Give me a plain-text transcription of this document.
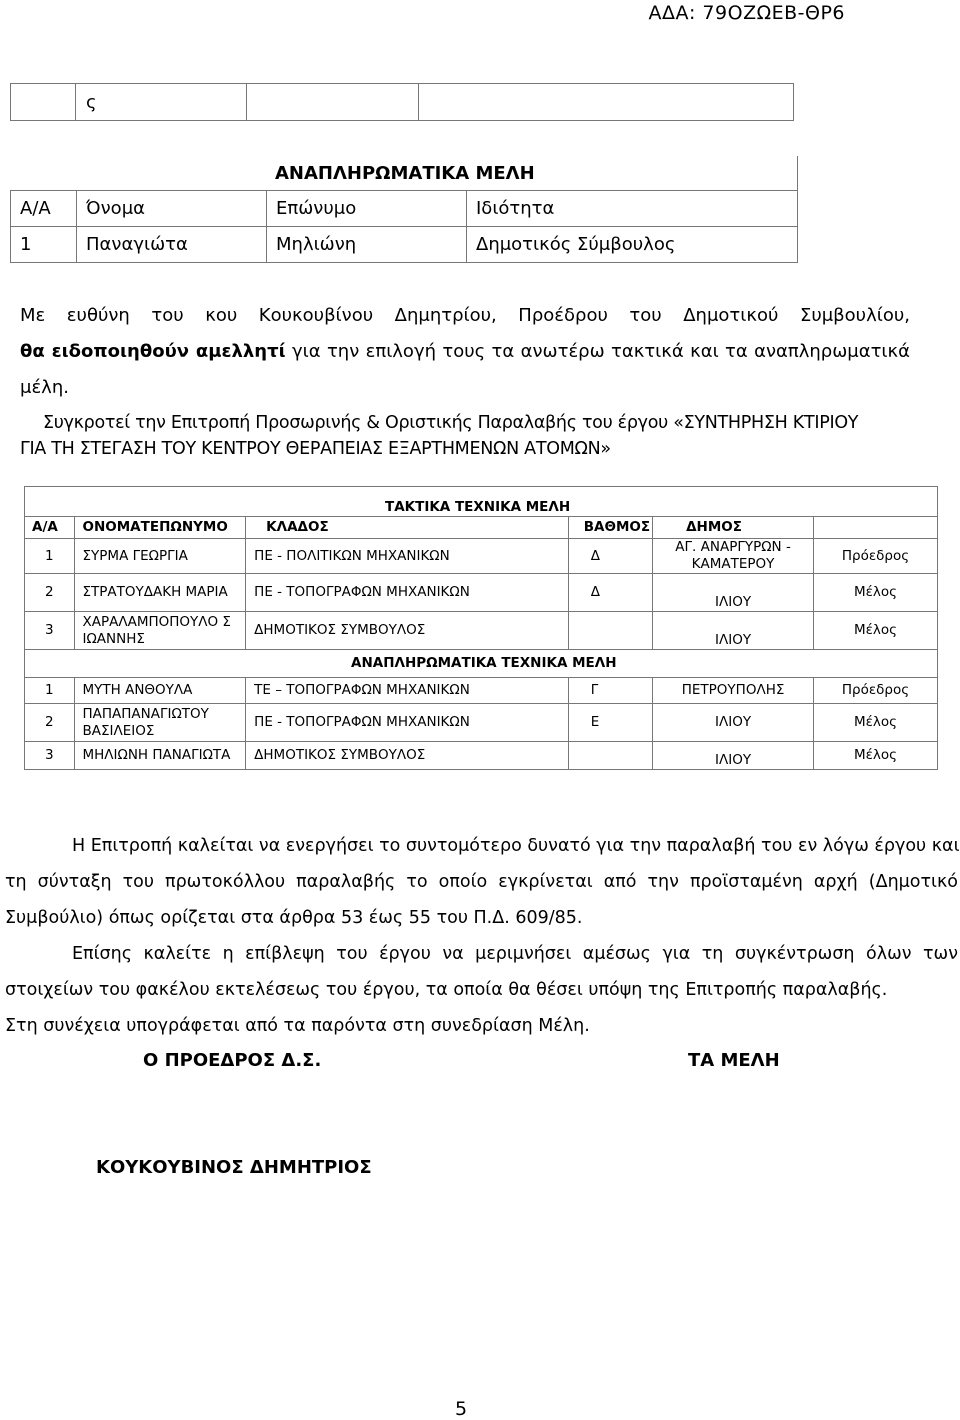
ΑΔΑ: 79ΟΖΩΕΒ-ΘΡ6
	ς		
ΑΝΑΠΛΗΡΩΜΑΤΙΚΑ ΜΕΛΗ			
Α/Α	Όνομα	Επώνυμο	Ιδιότητα
1	Παναγιώτα	Μηλιώνη	Δημοτικός Σύμβουλος
Με ευθύνη του κου Κουκουβίνου Δημητρίου, Προέδρου του Δημοτικού Συμβουλίου,
θα ειδοποιηθούν αμελλητί για την επιλογή τους τα ανωτέρω τακτικά και τα αναπληρωματικά
μέλη.
Συγκροτεί την Επιτροπή Προσωρινής & Οριστικής Παραλαβής του έργου «ΣΥΝΤΗΡΗΣΗ ΚΤΙΡΙΟΥ
ΓΙΑ ΤΗ ΣΤΕΓΑΣΗ ΤΟΥ ΚΕΝΤΡΟΥ ΘΕΡΑΠΕΙΑΣ ΕΞΑΡΤΗΜΕΝΩΝ ΑΤΟΜΩΝ»
ΤΑΚΤΙΚΑ ΤΕΧΝΙΚΑ ΜΕΛΗ					
Α/Α	ΟΝΟΜΑΤΕΠΩΝΥΜΟ	ΚΛΑΔΟΣ	ΒΑΘΜΟΣ	ΔΗΜΟΣ	
1	ΣΥΡΜΑ ΓΕΩΡΓΙΑ	ΠΕ - ΠΟΛΙΤΙΚΩΝ ΜΗΧΑΝΙΚΩΝ	Δ	ΑΓ. ΑΝΑΡΓΥΡΩΝ - ΚΑΜΑΤΕΡΟΥ	Πρόεδρος
2	ΣΤΡΑΤΟΥΔΑΚΗ ΜΑΡΙΑ	ΠΕ - ΤΟΠΟΓΡΑΦΩΝ ΜΗΧΑΝΙΚΩΝ	Δ	ΙΛΙΟΥ	Μέλος
3	ΧΑΡΑΛΑΜΠΟΠΟΥΛΟ Σ ΙΩΑΝΝΗΣ	ΔΗΜΟΤΙΚΟΣ ΣΥΜΒΟΥΛΟΣ		ΙΛΙΟΥ	Μέλος
ΑΝΑΠΛΗΡΩΜΑΤΙΚΑ ΤΕΧΝΙΚΑ ΜΕΛΗ					
1	ΜΥΤΗ ΑΝΘΟΥΛΑ	ΤΕ – ΤΟΠΟΓΡΑΦΩΝ ΜΗΧΑΝΙΚΩΝ	Γ	ΠΕΤΡΟΥΠΟΛΗΣ	Πρόεδρος
2	ΠΑΠΑΠΑΝΑΓΙΩΤΟΥ ΒΑΣΙΛΕΙΟΣ	ΠΕ - ΤΟΠΟΓΡΑΦΩΝ ΜΗΧΑΝΙΚΩΝ	Ε	ΙΛΙΟΥ	Μέλος
3	ΜΗΛΙΩΝΗ ΠΑΝΑΓΙΩΤΑ	ΔΗΜΟΤΙΚΟΣ ΣΥΜΒΟΥΛΟΣ		ΙΛΙΟΥ	Μέλος
Η Επιτροπή καλείται να ενεργήσει το συντομότερο δυνατό για την παραλαβή του εν λόγω έργου και
τη σύνταξη του πρωτοκόλλου παραλαβής το οποίο εγκρίνεται από την προϊσταμένη αρχή (Δημοτικό
Συμβούλιο) όπως ορίζεται στα άρθρα 53 έως 55 του Π.Δ. 609/85.
Επίσης καλείτε η επίβλεψη του έργου να μεριμνήσει αμέσως για τη συγκέντρωση όλων των
στοιχείων του φακέλου εκτελέσεως του έργου, τα οποία θα θέσει υπόψη της Επιτροπής παραλαβής.
Στη συνέχεια υπογράφεται από τα παρόντα στη συνεδρίαση Μέλη.
Ο ΠΡΟΕΔΡΟΣ Δ.Σ.	ΤΑ ΜΕΛΗ
ΚΟΥΚΟΥΒΙΝΟΣ ΔΗΜΗΤΡΙΟΣ
5
